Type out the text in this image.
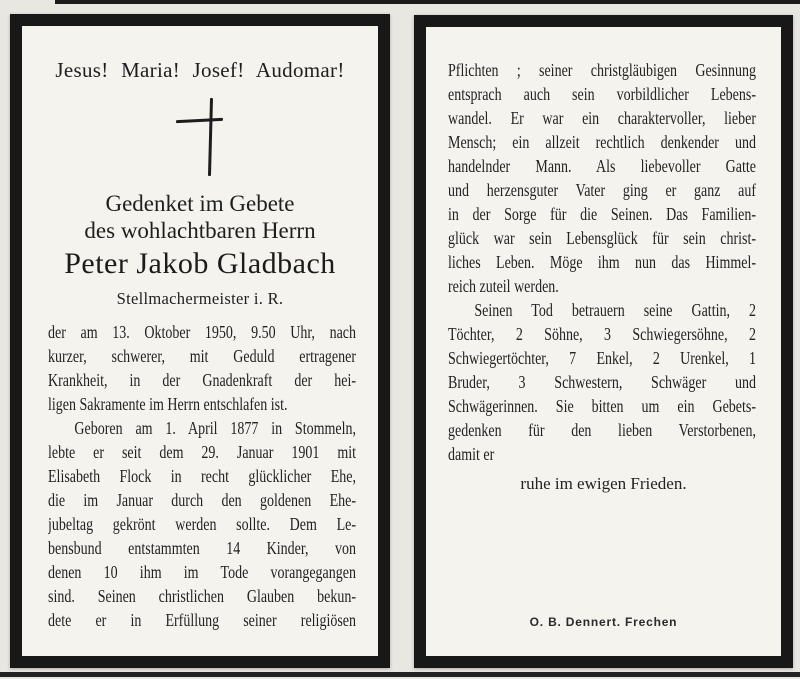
Jesus! Maria! Josef! Audomar!
Gedenket im Gebete
des wohlachtbaren Herrn
Peter Jakob Gladbach
Stellmachermeister i. R.
der am 13. Oktober 1950, 9.50 Uhr, nach
kurzer, schwerer, mit Geduld ertragener
Krankheit, in der Gnadenkraft der hei-
ligen Sakramente im Herrn entschlafen ist.
Geboren am 1. April 1877 in Stommeln,
lebte er seit dem 29. Januar 1901 mit
Elisabeth Flock in recht glücklicher Ehe,
die im Januar durch den goldenen Ehe-
jubeltag gekrönt werden sollte. Dem Le-
bensbund entstammten 14 Kinder, von
denen 10 ihm im Tode vorangegangen
sind. Seinen christlichen Glauben bekun-
dete er in Erfüllung seiner religiösen
Pflichten ; seiner christgläubigen Gesinnung
entsprach auch sein vorbildlicher Lebens-
wandel. Er war ein charaktervoller, lieber
Mensch; ein allzeit rechtlich denkender und
handelnder Mann. Als liebevoller Gatte
und herzensguter Vater ging er ganz auf
in der Sorge für die Seinen. Das Familien-
glück war sein Lebensglück für sein christ-
liches Leben. Möge ihm nun das Himmel-
reich zuteil werden.
Seinen Tod betrauern seine Gattin, 2
Töchter, 2 Söhne, 3 Schwiegersöhne, 2
Schwiegertöchter, 7 Enkel, 2 Urenkel, 1
Bruder, 3 Schwestern, Schwäger und
Schwägerinnen. Sie bitten um ein Gebets-
gedenken für den lieben Verstorbenen,
damit er
ruhe im ewigen Frieden.
O. B. Dennert. Frechen
